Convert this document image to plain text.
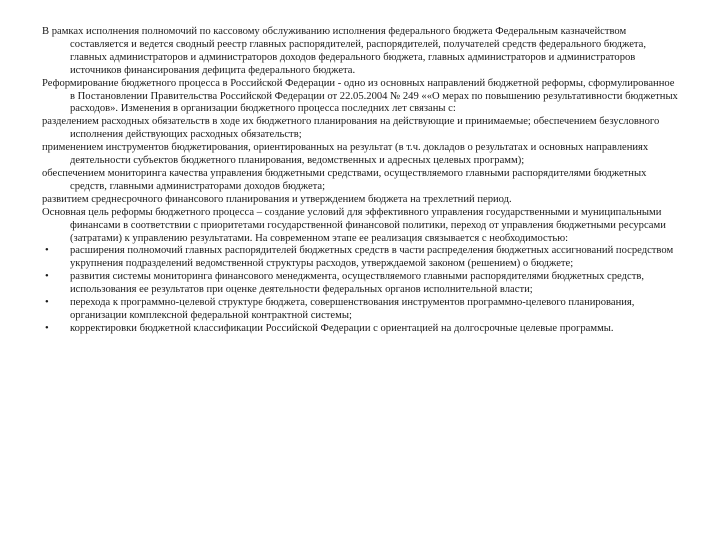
В рамках исполнения полномочий по кассовому обслуживанию исполнения федерального бюджета Федеральным казначейством составляется и ведется сводный реестр главных распорядителей, распорядителей, получателей средств федерального бюджета, главных администраторов и администраторов доходов федерального бюджета, главных администраторов и администраторов источников финансирования дефицита федерального бюджета.

Реформирование бюджетного процесса в Российской Федерации - одно из основных направлений бюджетной реформы, сформулированное в Постановлении Правительства Российской Федерации от 22.05.2004 № 249 ««О мерах по повышению результативности бюджетных расходов». Изменения в организации бюджетного процесса последних лет связаны с:

разделением расходных обязательств в ходе их бюджетного планирования на действующие и принимаемые; обеспечением безусловного исполнения действующих расходных обязательств;

применением инструментов бюджетирования, ориентированных на результат (в т.ч. докладов о результатах и основных направлениях деятельности субъектов бюджетного планирования, ведомственных и адресных целевых программ);

обеспечением мониторинга качества управления бюджетными средствами, осуществляемого главными распорядителями бюджетных средств, главными администраторами доходов бюджета;

развитием среднесрочного финансового планирования и утверждением бюджета на трехлетний период.

Основная цель реформы бюджетного процесса – создание условий для эффективного управления государственными и муниципальными финансами в соответствии с приоритетами государственной финансовой политики, переход от управления бюджетными ресурсами (затратами) к управлению результатами. На современном этапе ее реализация связывается с необходимостью:

• расширения полномочий главных распорядителей бюджетных средств в части распределения бюджетных ассигнований посредством укрупнения подразделений ведомственной структуры расходов, утверждаемой законом (решением) о бюджете;
• развития системы мониторинга финансового менеджмента, осуществляемого главными распорядителями бюджетных средств, использования ее результатов при оценке деятельности федеральных органов исполнительной власти;
• перехода к программно-целевой структуре бюджета, совершенствования инструментов программно-целевого планирования, организации комплексной федеральной контрактной системы;
• корректировки бюджетной классификации Российской Федерации с ориентацией на долгосрочные целевые программы.
